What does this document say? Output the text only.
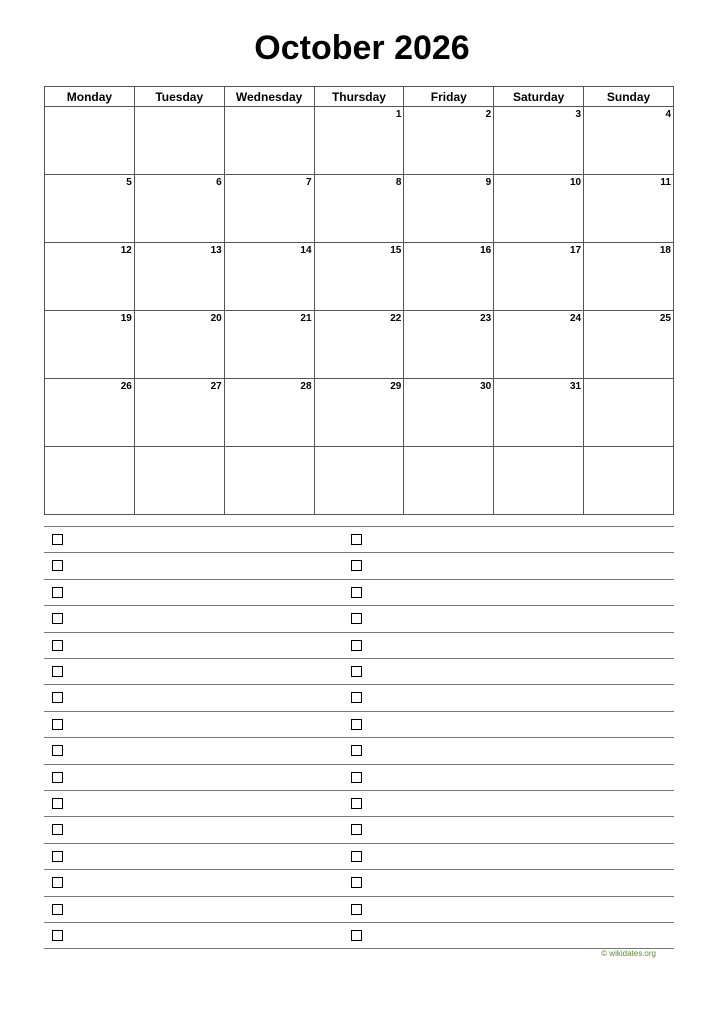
October 2026
Monday	Tuesday	Wednesday	Thursday	Friday	Saturday	Sunday

			1	2	3	4

5	6	7	8	9	10	11

12	13	14	15	16	17	18

19	20	21	22	23	24	25

26	27	28	29	30	31	

© wikidates.org
